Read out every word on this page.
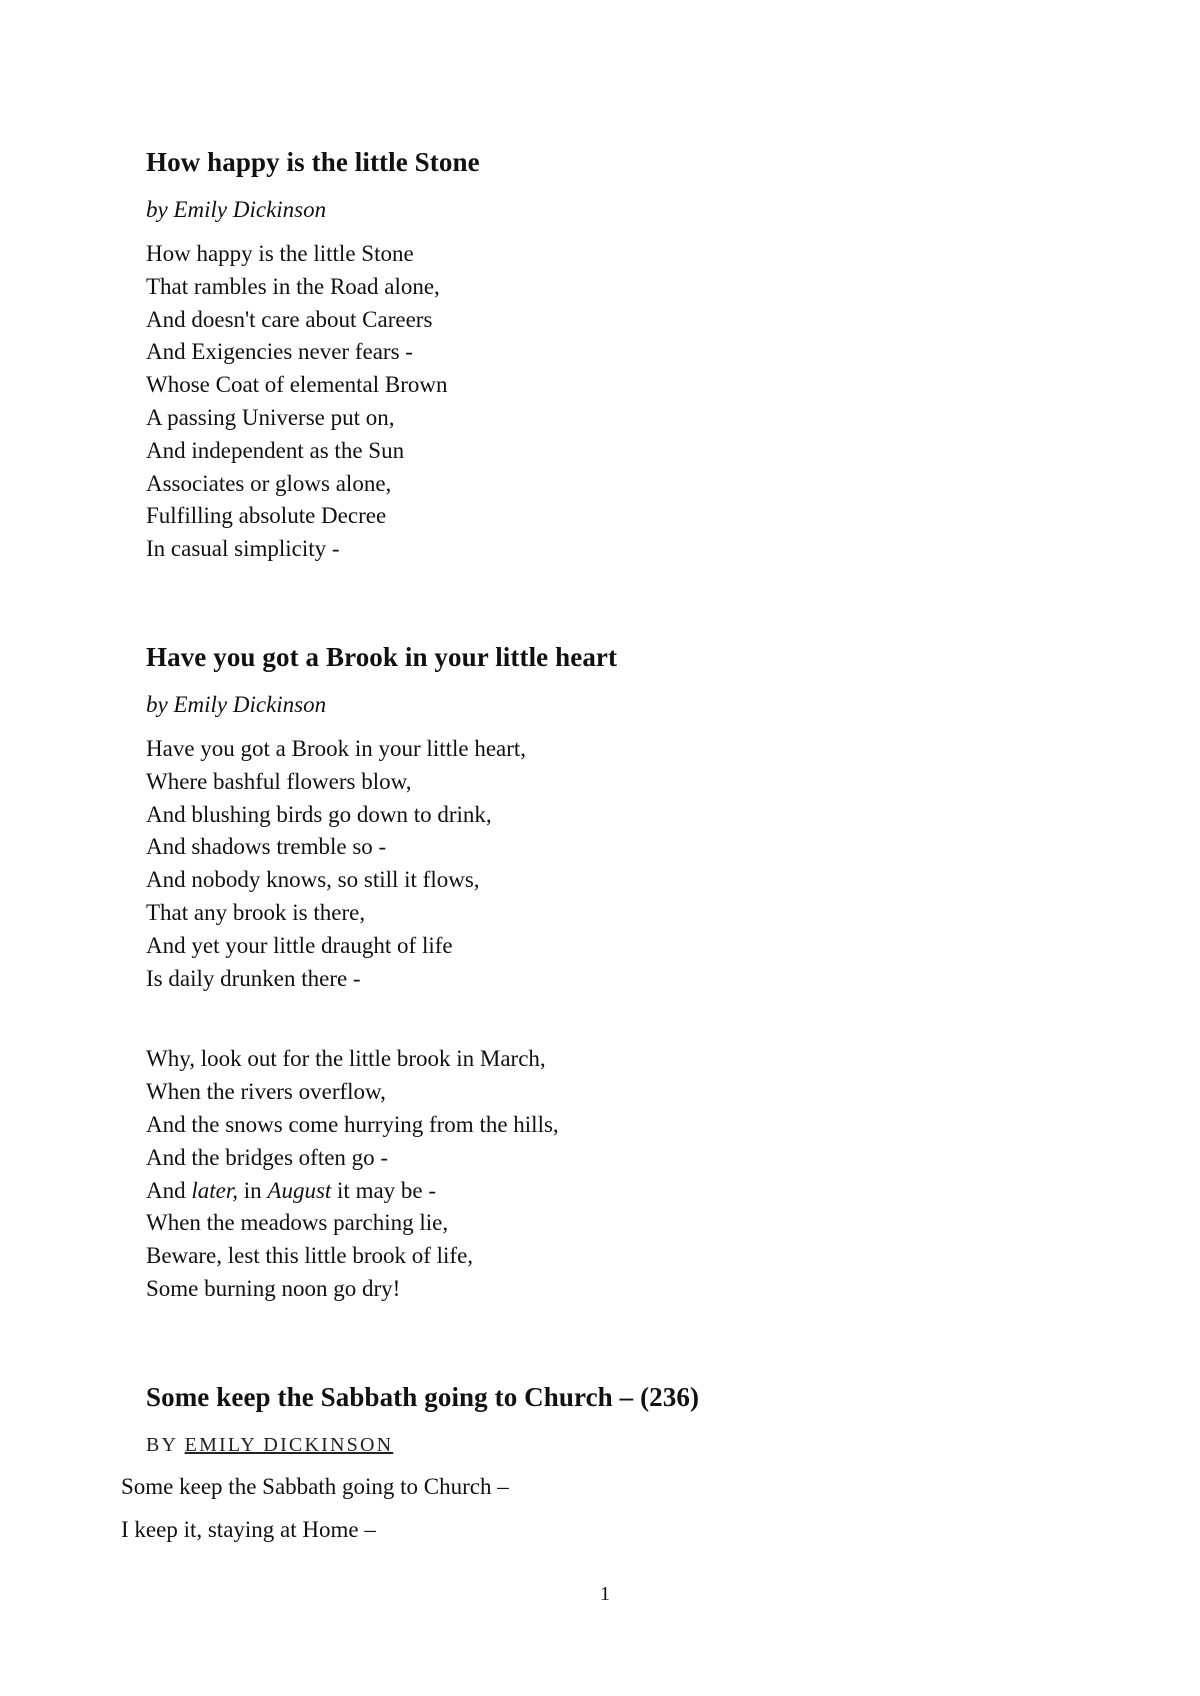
How happy is the little Stone
by Emily Dickinson
How happy is the little Stone
That rambles in the Road alone,
And doesn't care about Careers
And Exigencies never fears -
Whose Coat of elemental Brown
A passing Universe put on,
And independent as the Sun
Associates or glows alone,
Fulfilling absolute Decree
In casual simplicity -
Have you got a Brook in your little heart
by Emily Dickinson
Have you got a Brook in your little heart,
Where bashful flowers blow,
And blushing birds go down to drink,
And shadows tremble so -
And nobody knows, so still it flows,
That any brook is there,
And yet your little draught of life
Is daily drunken there -
Why, look out for the little brook in March,
When the rivers overflow,
And the snows come hurrying from the hills,
And the bridges often go -
And later, in August it may be -
When the meadows parching lie,
Beware, lest this little brook of life,
Some burning noon go dry!
Some keep the Sabbath going to Church – (236)
BY EMILY DICKINSON
Some keep the Sabbath going to Church –
I keep it, staying at Home –
1
